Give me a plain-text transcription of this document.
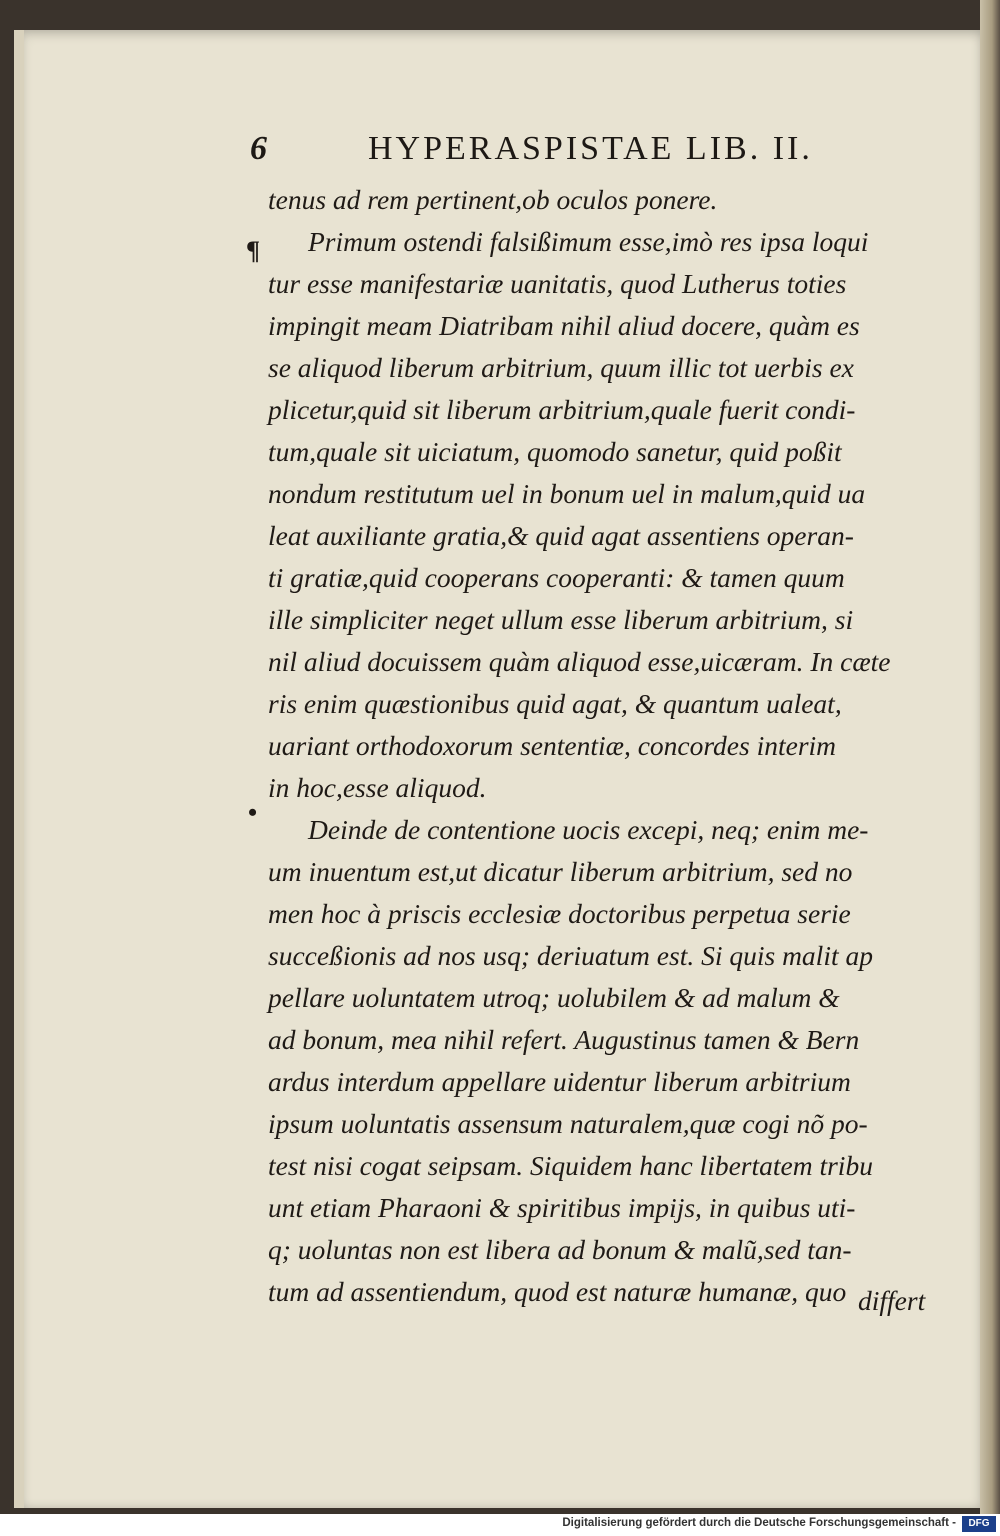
6	HYPERASPISTAE LIB. II.
¶
•
tenus ad rem pertinent,ob oculos ponere.
Primum ostendi falsißimum esse,imò res ipsa loqui
tur esse manifestariæ uanitatis, quod Lutherus toties
impingit meam Diatribam nihil aliud docere, quàm es
se aliquod liberum arbitrium, quum illic tot uerbis ex
plicetur,quid sit liberum arbitrium,quale fuerit condi-
tum,quale sit uiciatum, quomodo sanetur, quid poßit
nondum restitutum uel in bonum uel in malum,quid ua
leat auxiliante gratia,& quid agat assentiens operan-
ti gratiæ,quid cooperans cooperanti: & tamen quum
ille simpliciter neget ullum esse liberum arbitrium, si
nil aliud docuissem quàm aliquod esse,uicæram. In cæte
ris enim quæstionibus quid agat, & quantum ualeat,
uariant orthodoxorum sententiæ, concordes interim
in hoc,esse aliquod.
Deinde de contentione uocis excepi, neq; enim me-
um inuentum est,ut dicatur liberum arbitrium, sed no
men hoc à priscis ecclesiæ doctoribus perpetua serie
succeßionis ad nos usq; deriuatum est. Si quis malit ap
pellare uoluntatem utroq; uolubilem & ad malum &
ad bonum, mea nihil refert. Augustinus tamen & Bern
ardus interdum appellare uidentur liberum arbitrium
ipsum uoluntatis assensum naturalem,quæ cogi nõ po-
test nisi cogat seipsam. Siquidem hanc libertatem tribu
unt etiam Pharaoni & spiritibus impijs, in quibus uti-
q; uoluntas non est libera ad bonum & malũ,sed tan-
tum ad assentiendum, quod est naturæ humanæ, quo differt
Digitalisierung gefördert durch die Deutsche Forschungsgemeinschaft -	DFG
